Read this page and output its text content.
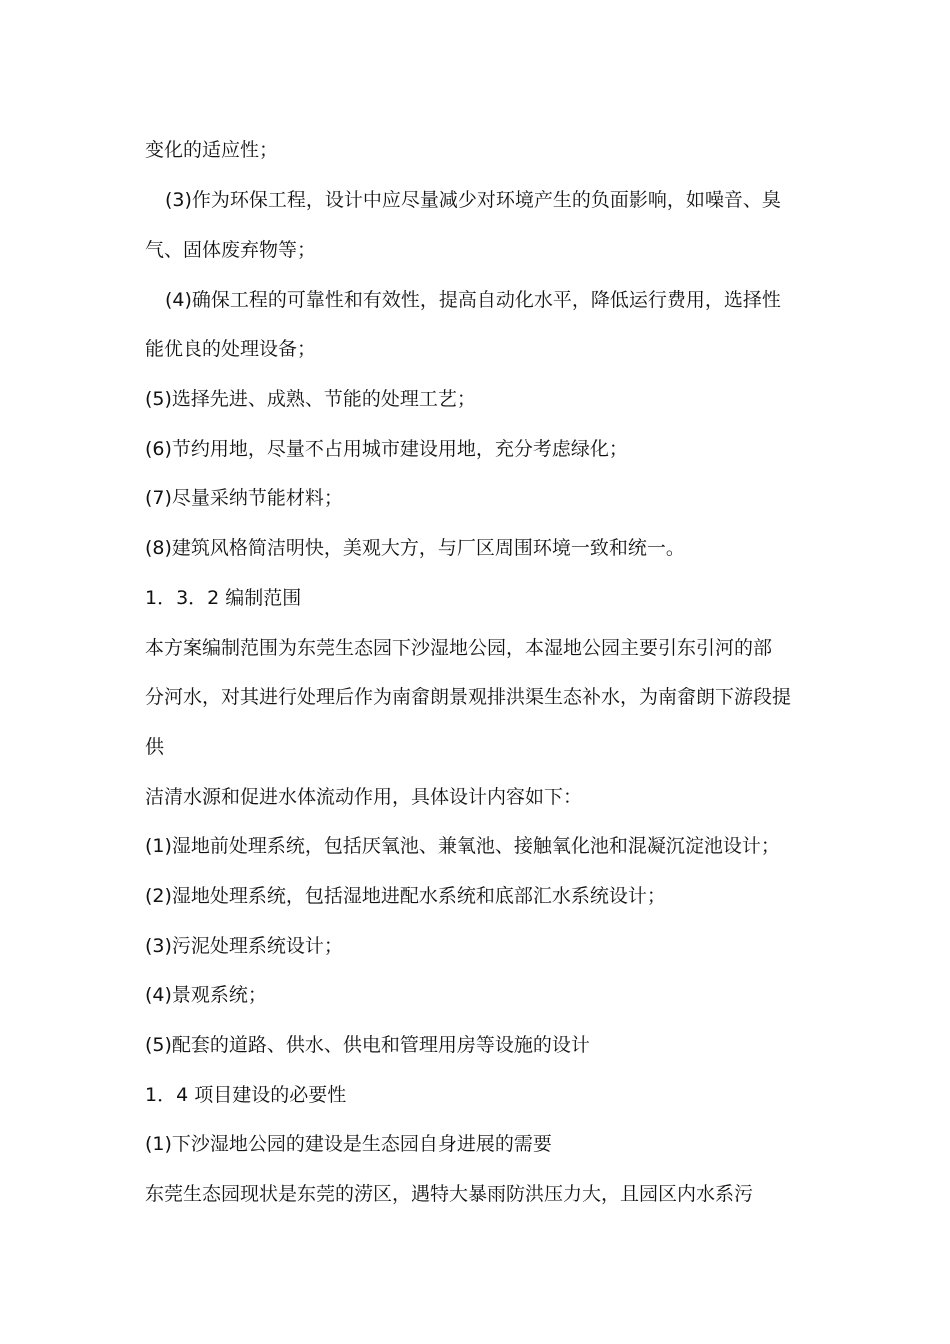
变化的适应性；
(3)作为环保工程，设计中应尽量减少对环境产生的负面影响，如噪音、臭
气、固体废弃物等；
(4)确保工程的可靠性和有效性，提高自动化水平，降低运行费用，选择性
能优良的处理设备；
(5)选择先进、成熟、节能的处理工艺；
(6)节约用地，尽量不占用城市建设用地，充分考虑绿化；
(7)尽量采纳节能材料；
(8)建筑风格简洁明快，美观大方，与厂区周围环境一致和统一。
1．3．2 编制范围
本方案编制范围为东莞生态园下沙湿地公园，本湿地公园主要引东引河的部
分河水，对其进行处理后作为南畲朗景观排洪渠生态补水，为南畲朗下游段提
供
洁清水源和促进水体流动作用，具体设计内容如下：
(1)湿地前处理系统，包括厌氧池、兼氧池、接触氧化池和混凝沉淀池设计；
(2)湿地处理系统，包括湿地进配水系统和底部汇水系统设计；
(3)污泥处理系统设计；
(4)景观系统；
(5)配套的道路、供水、供电和管理用房等设施的设计
1．4 项目建设的必要性
(1)下沙湿地公园的建设是生态园自身进展的需要
东莞生态园现状是东莞的涝区，遇特大暴雨防洪压力大，且园区内水系污
